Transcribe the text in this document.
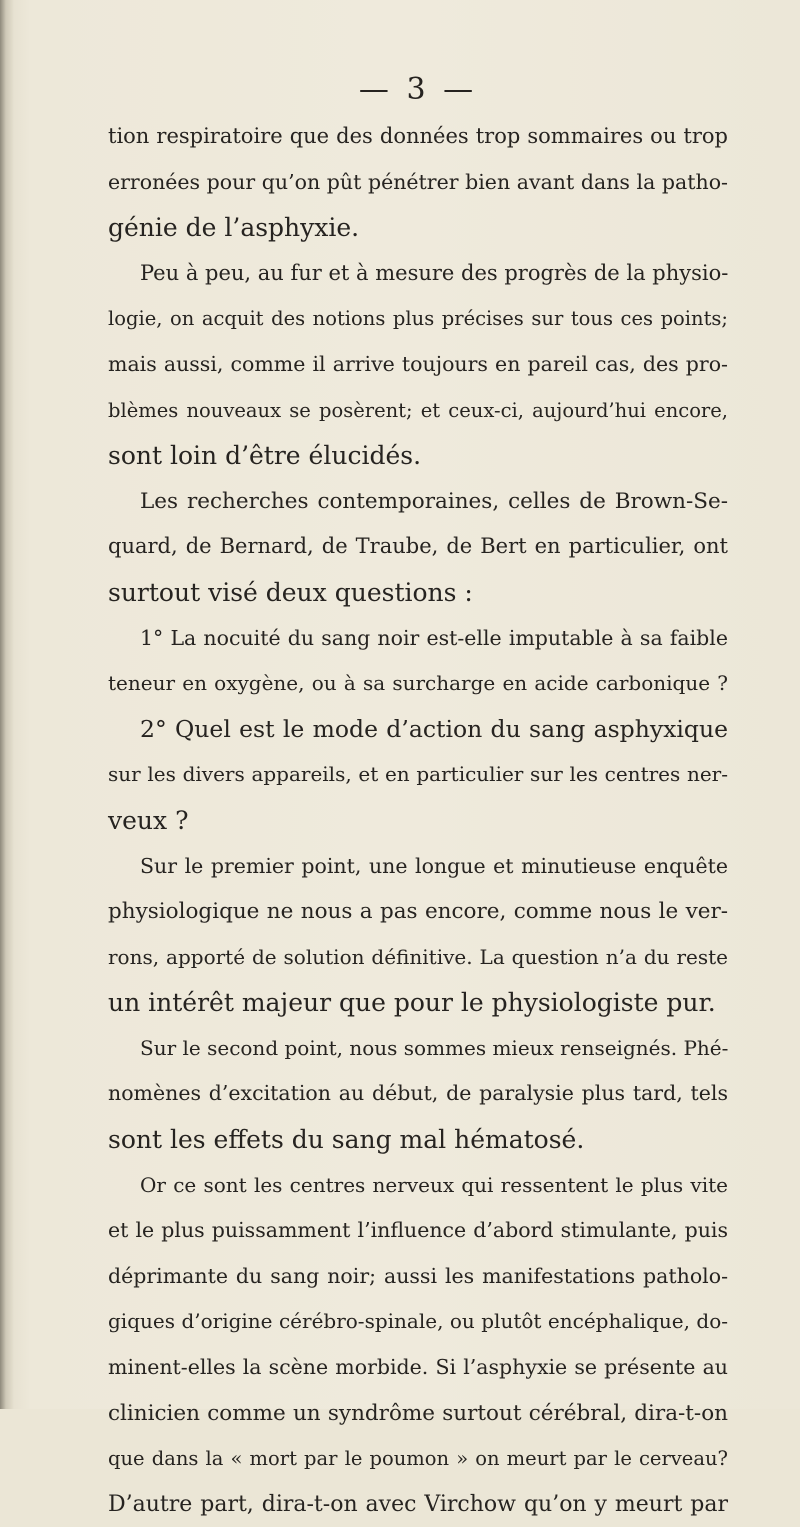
— 3 —
tion respiratoire que des données trop sommaires ou trop
erronées pour qu’on pût pénétrer bien avant dans la patho-
génie de l’asphyxie.
Peu à peu, au fur et à mesure des progrès de la physio-
logie, on acquit des notions plus précises sur tous ces points;
mais aussi, comme il arrive toujours en pareil cas, des pro-
blèmes nouveaux se posèrent; et ceux-ci, aujourd’hui encore,
sont loin d’être élucidés.
Les recherches contemporaines, celles de Brown-Se-
quard, de Bernard, de Traube, de Bert en particulier, ont
surtout visé deux questions :
1° La nocuité du sang noir est-elle imputable à sa faible
teneur en oxygène, ou à sa surcharge en acide carbonique ?
2° Quel est le mode d’action du sang asphyxique
sur les divers appareils, et en particulier sur les centres ner-
veux ?
Sur le premier point, une longue et minutieuse enquête
physiologique ne nous a pas encore, comme nous le ver-
rons, apporté de solution définitive. La question n’a du reste
un intérêt majeur que pour le physiologiste pur.
Sur le second point, nous sommes mieux renseignés. Phé-
nomènes d’excitation au début, de paralysie plus tard, tels
sont les effets du sang mal hématosé.
Or ce sont les centres nerveux qui ressentent le plus vite
et le plus puissamment l’influence d’abord stimulante, puis
déprimante du sang noir; aussi les manifestations patholo-
giques d’origine cérébro-spinale, ou plutôt encéphalique, do-
minent-elles la scène morbide. Si l’asphyxie se présente au
clinicien comme un syndrôme surtout cérébral, dira-t-on
que dans la « mort par le poumon » on meurt par le cerveau?
D’autre part, dira-t-on avec Virchow qu’on y meurt par
